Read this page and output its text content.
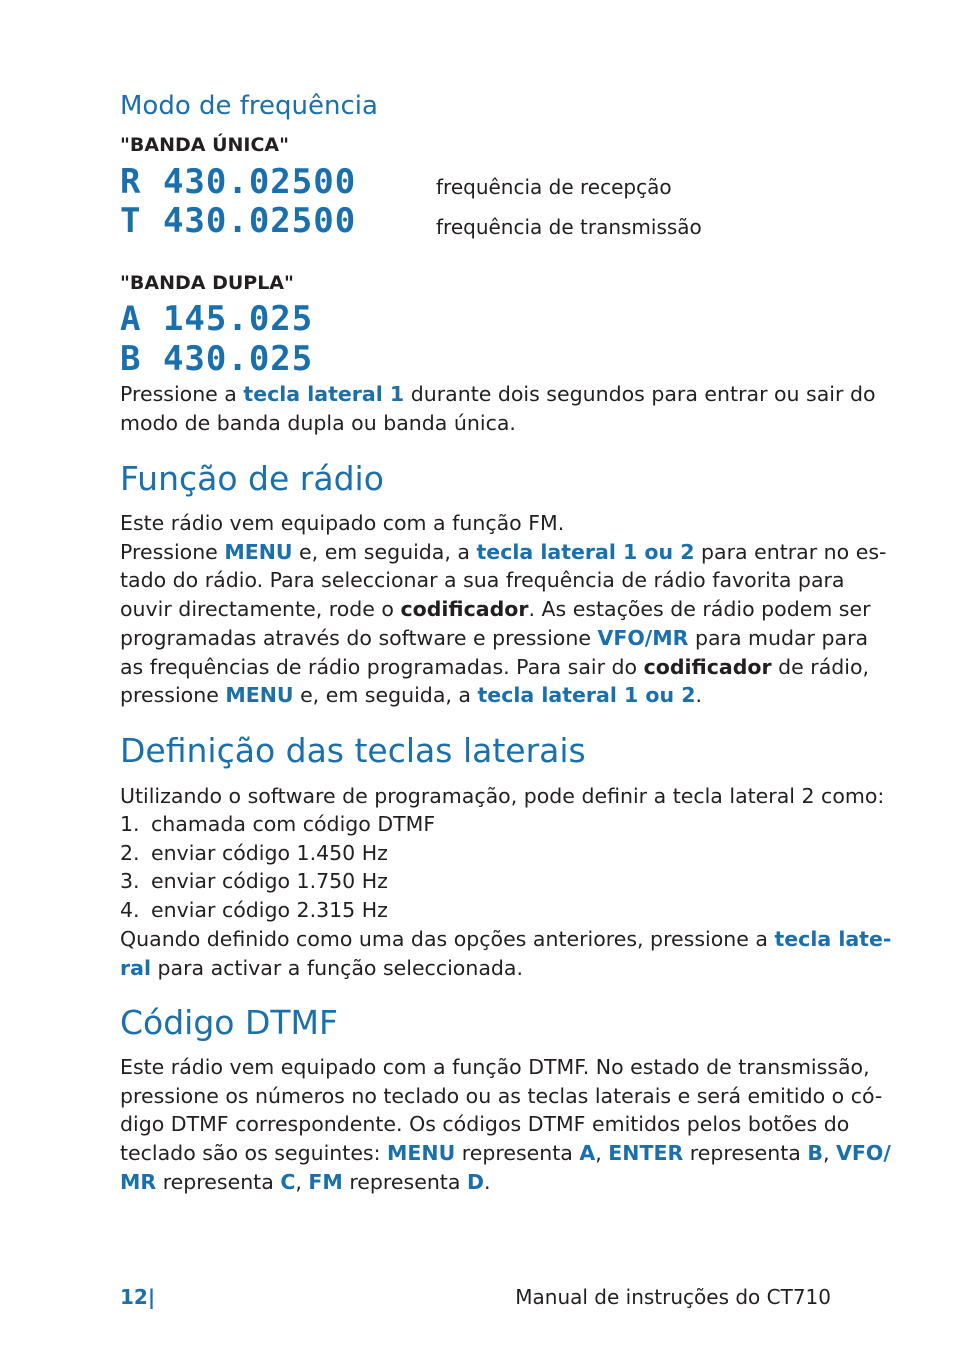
Modo de frequência
"BANDA ÚNICA"
R 430.02500	frequência de recepção
T 430.02500	frequência de transmissão
"BANDA DUPLA"
A 145.025
B 430.025
Pressione a tecla lateral 1 durante dois segundos para entrar ou sair do
modo de banda dupla ou banda única.
Função de rádio
Este rádio vem equipado com a função FM.
Pressione MENU e, em seguida, a tecla lateral 1 ou 2 para entrar no es-
tado do rádio. Para seleccionar a sua frequência de rádio favorita para
ouvir directamente, rode o codificador. As estações de rádio podem ser
programadas através do software e pressione VFO/MR para mudar para
as frequências de rádio programadas. Para sair do codificador de rádio,
pressione MENU e, em seguida, a tecla lateral 1 ou 2.
Definição das teclas laterais
Utilizando o software de programação, pode definir a tecla lateral 2 como:
1. chamada com código DTMF
2. enviar código 1.450 Hz
3. enviar código 1.750 Hz
4. enviar código 2.315 Hz
Quando definido como uma das opções anteriores, pressione a tecla late-
ral para activar a função seleccionada.
Código DTMF
Este rádio vem equipado com a função DTMF. No estado de transmissão,
pressione os números no teclado ou as teclas laterais e será emitido o có-
digo DTMF correspondente. Os códigos DTMF emitidos pelos botões do
teclado são os seguintes: MENU representa A, ENTER representa B, VFO/
MR representa C, FM representa D.
12|	Manual de instruções do CT710
